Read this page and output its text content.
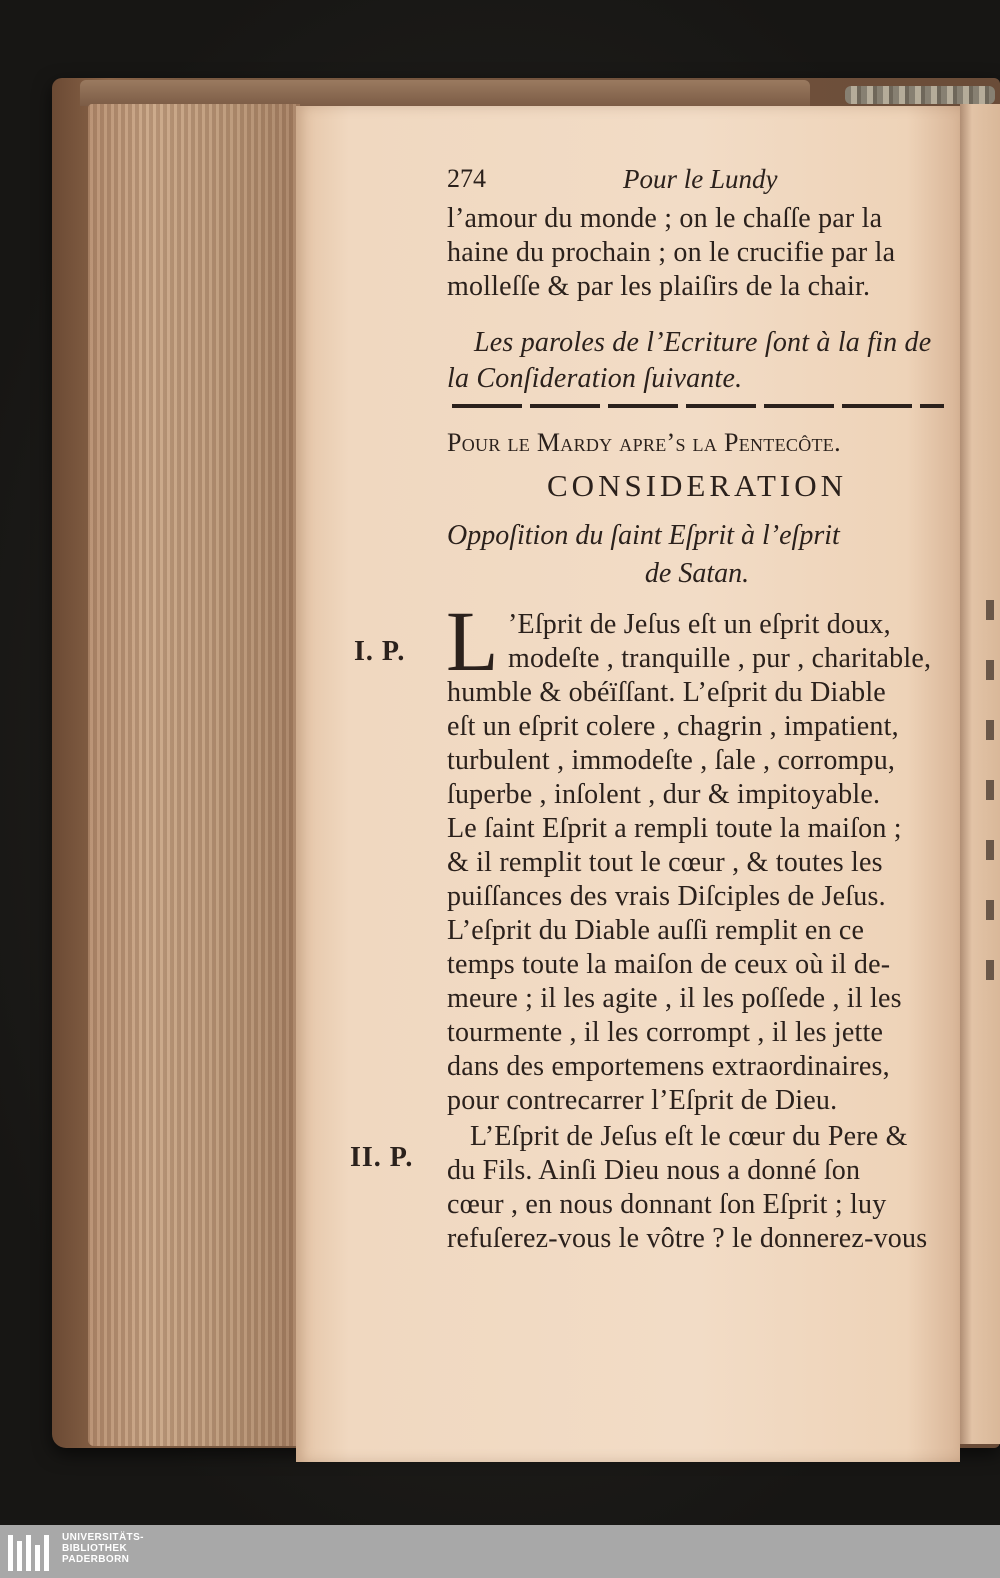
274	Pour le Lundy
l’amour du monde ; on le chaſſe par la
haine du prochain ; on le crucifie par la
molleſſe & par les plaiſirs de la chair.
Les paroles de l’Ecriture ſont à la fin de
la Conſideration ſuivante.
Pour le Mardy apre’s la Pentecôte.
CONSIDERATION
Oppoſition du ſaint Eſprit à l’eſprit
de Satan.
I. P. L ’Eſprit de Jeſus eſt un eſprit doux,
modeſte , tranquille , pur , charitable,
humble & obéïſſant. L’eſprit du Diable
eſt un eſprit colere , chagrin , impatient,
turbulent , immodeſte , ſale , corrompu,
ſuperbe , inſolent , dur & impitoyable.
Le ſaint Eſprit a rempli toute la maiſon ;
& il remplit tout le cœur , & toutes les
puiſſances des vrais Diſciples de Jeſus.
L’eſprit du Diable auſſi remplit en ce
temps toute la maiſon de ceux où il de-
meure ; il les agite , il les poſſede , il les
tourmente , il les corrompt , il les jette
dans des emportemens extraordinaires,
pour contrecarrer l’Eſprit de Dieu.
II. P.
L’Eſprit de Jeſus eſt le cœur du Pere &
du Fils. Ainſi Dieu nous a donné ſon
cœur , en nous donnant ſon Eſprit ; luy
refuſerez-vous le vôtre ? le donnerez-vous
UNIVERSITÄTS-
BIBLIOTHEK
PADERBORN
